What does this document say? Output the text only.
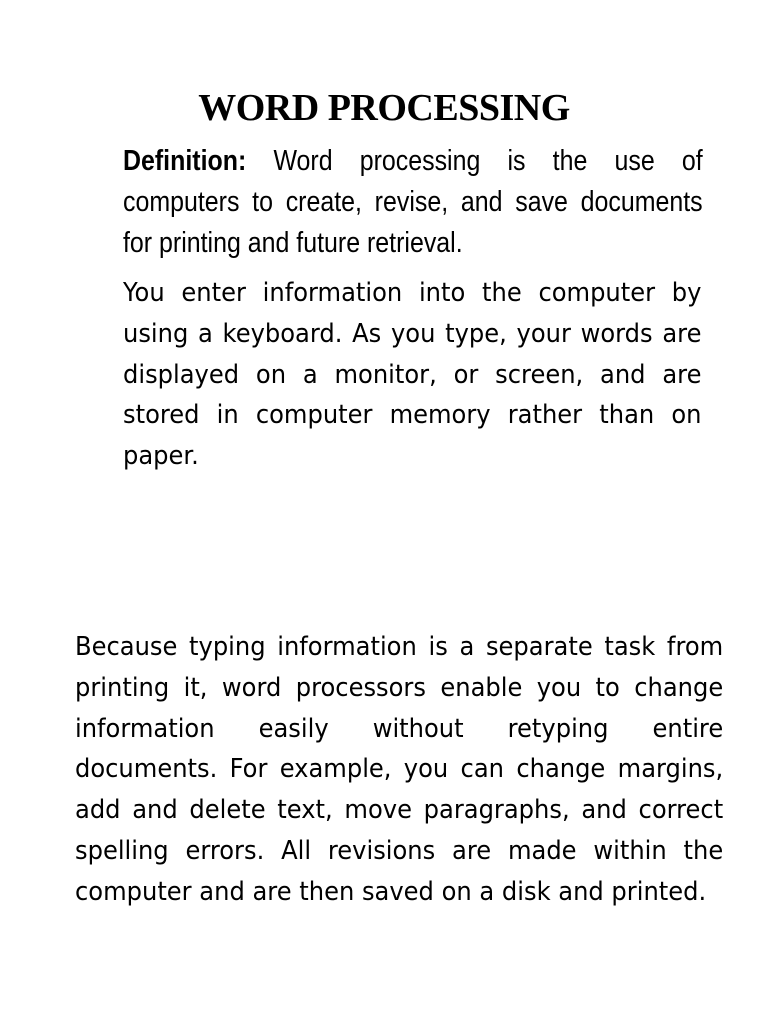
WORD PROCESSING

Definition: Word processing is the use of computers to create, revise, and save documents for printing and future retrieval.

You enter information into the computer by using a keyboard. As you type, your words are displayed on a monitor, or screen, and are stored in computer memory rather than on paper.

Because typing information is a separate task from printing it, word processors enable you to change information easily without retyping entire documents. For example, you can change margins, add and delete text, move paragraphs, and correct spelling errors. All revisions are made within the computer and are then saved on a disk and printed.
